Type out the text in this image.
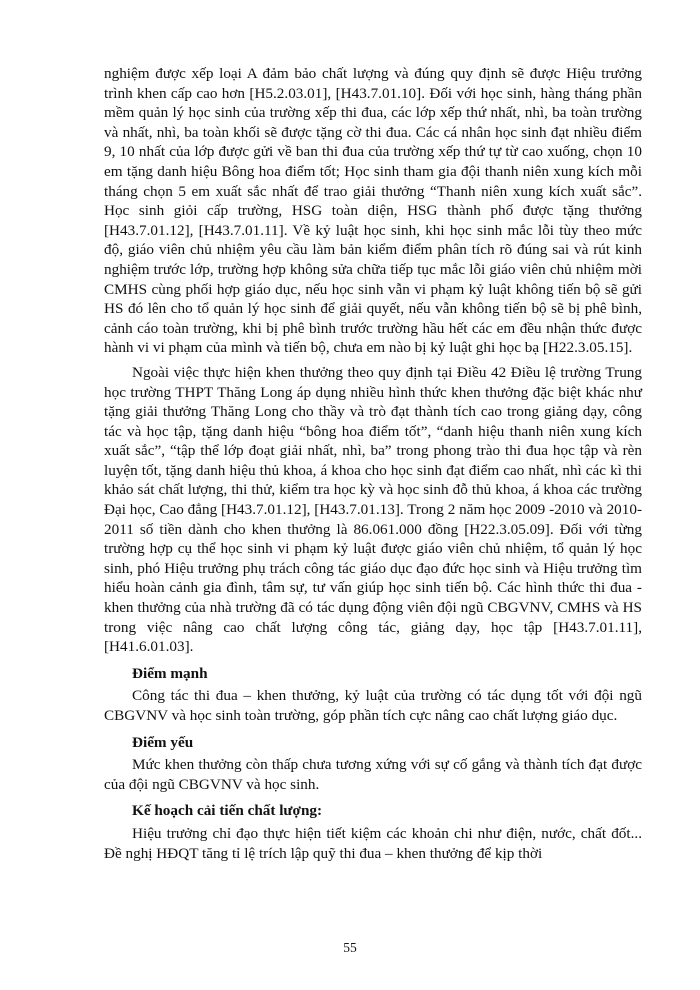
nghiệm được xếp loại A đảm bảo chất lượng và đúng quy định sẽ được Hiệu trưởng trình khen cấp cao hơn [H5.2.03.01], [H43.7.01.10]. Đối với học sinh, hàng tháng phần mềm quản lý học sinh của trường xếp thi đua, các lớp xếp thứ nhất, nhì, ba toàn trường và nhất, nhì, ba toàn khối sẽ được tặng cờ thi đua. Các cá nhân học sinh đạt nhiều điểm 9, 10 nhất của lớp được gửi về ban thi đua của trường xếp thứ tự từ cao xuống, chọn 10 em tặng danh hiệu Bông hoa điểm tốt; Học sinh tham gia đội thanh niên xung kích mỗi tháng chọn 5 em xuất sắc nhất để trao giải thưởng “Thanh niên xung kích xuất sắc”. Học sinh giỏi cấp trường, HSG toàn diện, HSG thành phố được tặng thưởng [H43.7.01.12], [H43.7.01.11]. Về kỷ luật học sinh, khi học sinh mắc lỗi tùy theo mức độ, giáo viên chủ nhiệm yêu cầu làm bản kiểm điểm phân tích rõ đúng sai và rút kinh nghiệm trước lớp, trường hợp không sửa chữa tiếp tục mắc lỗi giáo viên chủ nhiệm mời CMHS cùng phối hợp giáo dục, nếu học sinh vẫn vi phạm kỷ luật không tiến bộ sẽ gửi HS đó lên cho tổ quản lý học sinh để giải quyết, nếu vẫn không tiến bộ sẽ bị phê bình, cảnh cáo toàn trường, khi bị phê bình trước trường hầu hết các em đều nhận thức được hành vi vi phạm của mình và tiến bộ, chưa em nào bị kỷ luật ghi học bạ [H22.3.05.15].

Ngoài việc thực hiện khen thưởng theo quy định tại Điều 42 Điều lệ trường Trung học trường THPT Thăng Long áp dụng nhiều hình thức khen thưởng đặc biệt khác như tặng giải thưởng Thăng Long cho thầy và trò đạt thành tích cao trong giảng dạy, công tác và học tập, tặng danh hiệu “bông hoa điểm tốt”, “danh hiệu thanh niên xung kích xuất sắc”, “tập thể lớp đoạt giải nhất, nhì, ba” trong phong trào thi đua học tập và rèn luyện tốt, tặng danh hiệu thủ khoa, á khoa cho học sinh đạt điểm cao nhất, nhì các kì thi khảo sát chất lượng, thi thử, kiểm tra học kỳ và học sinh đỗ thủ khoa, á khoa các trường Đại học, Cao đẳng [H43.7.01.12], [H43.7.01.13]. Trong 2 năm học 2009 -2010 và 2010-2011 số tiền dành cho khen thưởng là 86.061.000 đồng [H22.3.05.09]. Đối với từng trường hợp cụ thể học sinh vi phạm kỷ luật được giáo viên chủ nhiệm, tổ quản lý học sinh, phó Hiệu trưởng phụ trách công tác giáo dục đạo đức học sinh và Hiệu trưởng tìm hiểu hoàn cảnh gia đình, tâm sự, tư vấn giúp học sinh tiến bộ. Các hình thức thi đua - khen thưởng của nhà trường đã có tác dụng động viên đội ngũ CBGVNV, CMHS và HS trong việc nâng cao chất lượng công tác, giảng dạy, học tập [H43.7.01.11], [H41.6.01.03].

Điểm mạnh

Công tác thi đua – khen thưởng, kỷ luật của trường có tác dụng tốt với đội ngũ CBGVNV và học sinh toàn trường, góp phần tích cực nâng cao chất lượng giáo dục.

Điểm yếu

Mức khen thưởng còn thấp chưa tương xứng với sự cố gắng và thành tích đạt được của đội ngũ CBGVNV và học sinh.

Kế hoạch cải tiến chất lượng:

Hiệu trưởng chỉ đạo thực hiện tiết kiệm các khoản chi như điện, nước, chất đốt... Đề nghị HĐQT tăng tỉ lệ trích lập quỹ thi đua – khen thưởng để kịp thời

55
